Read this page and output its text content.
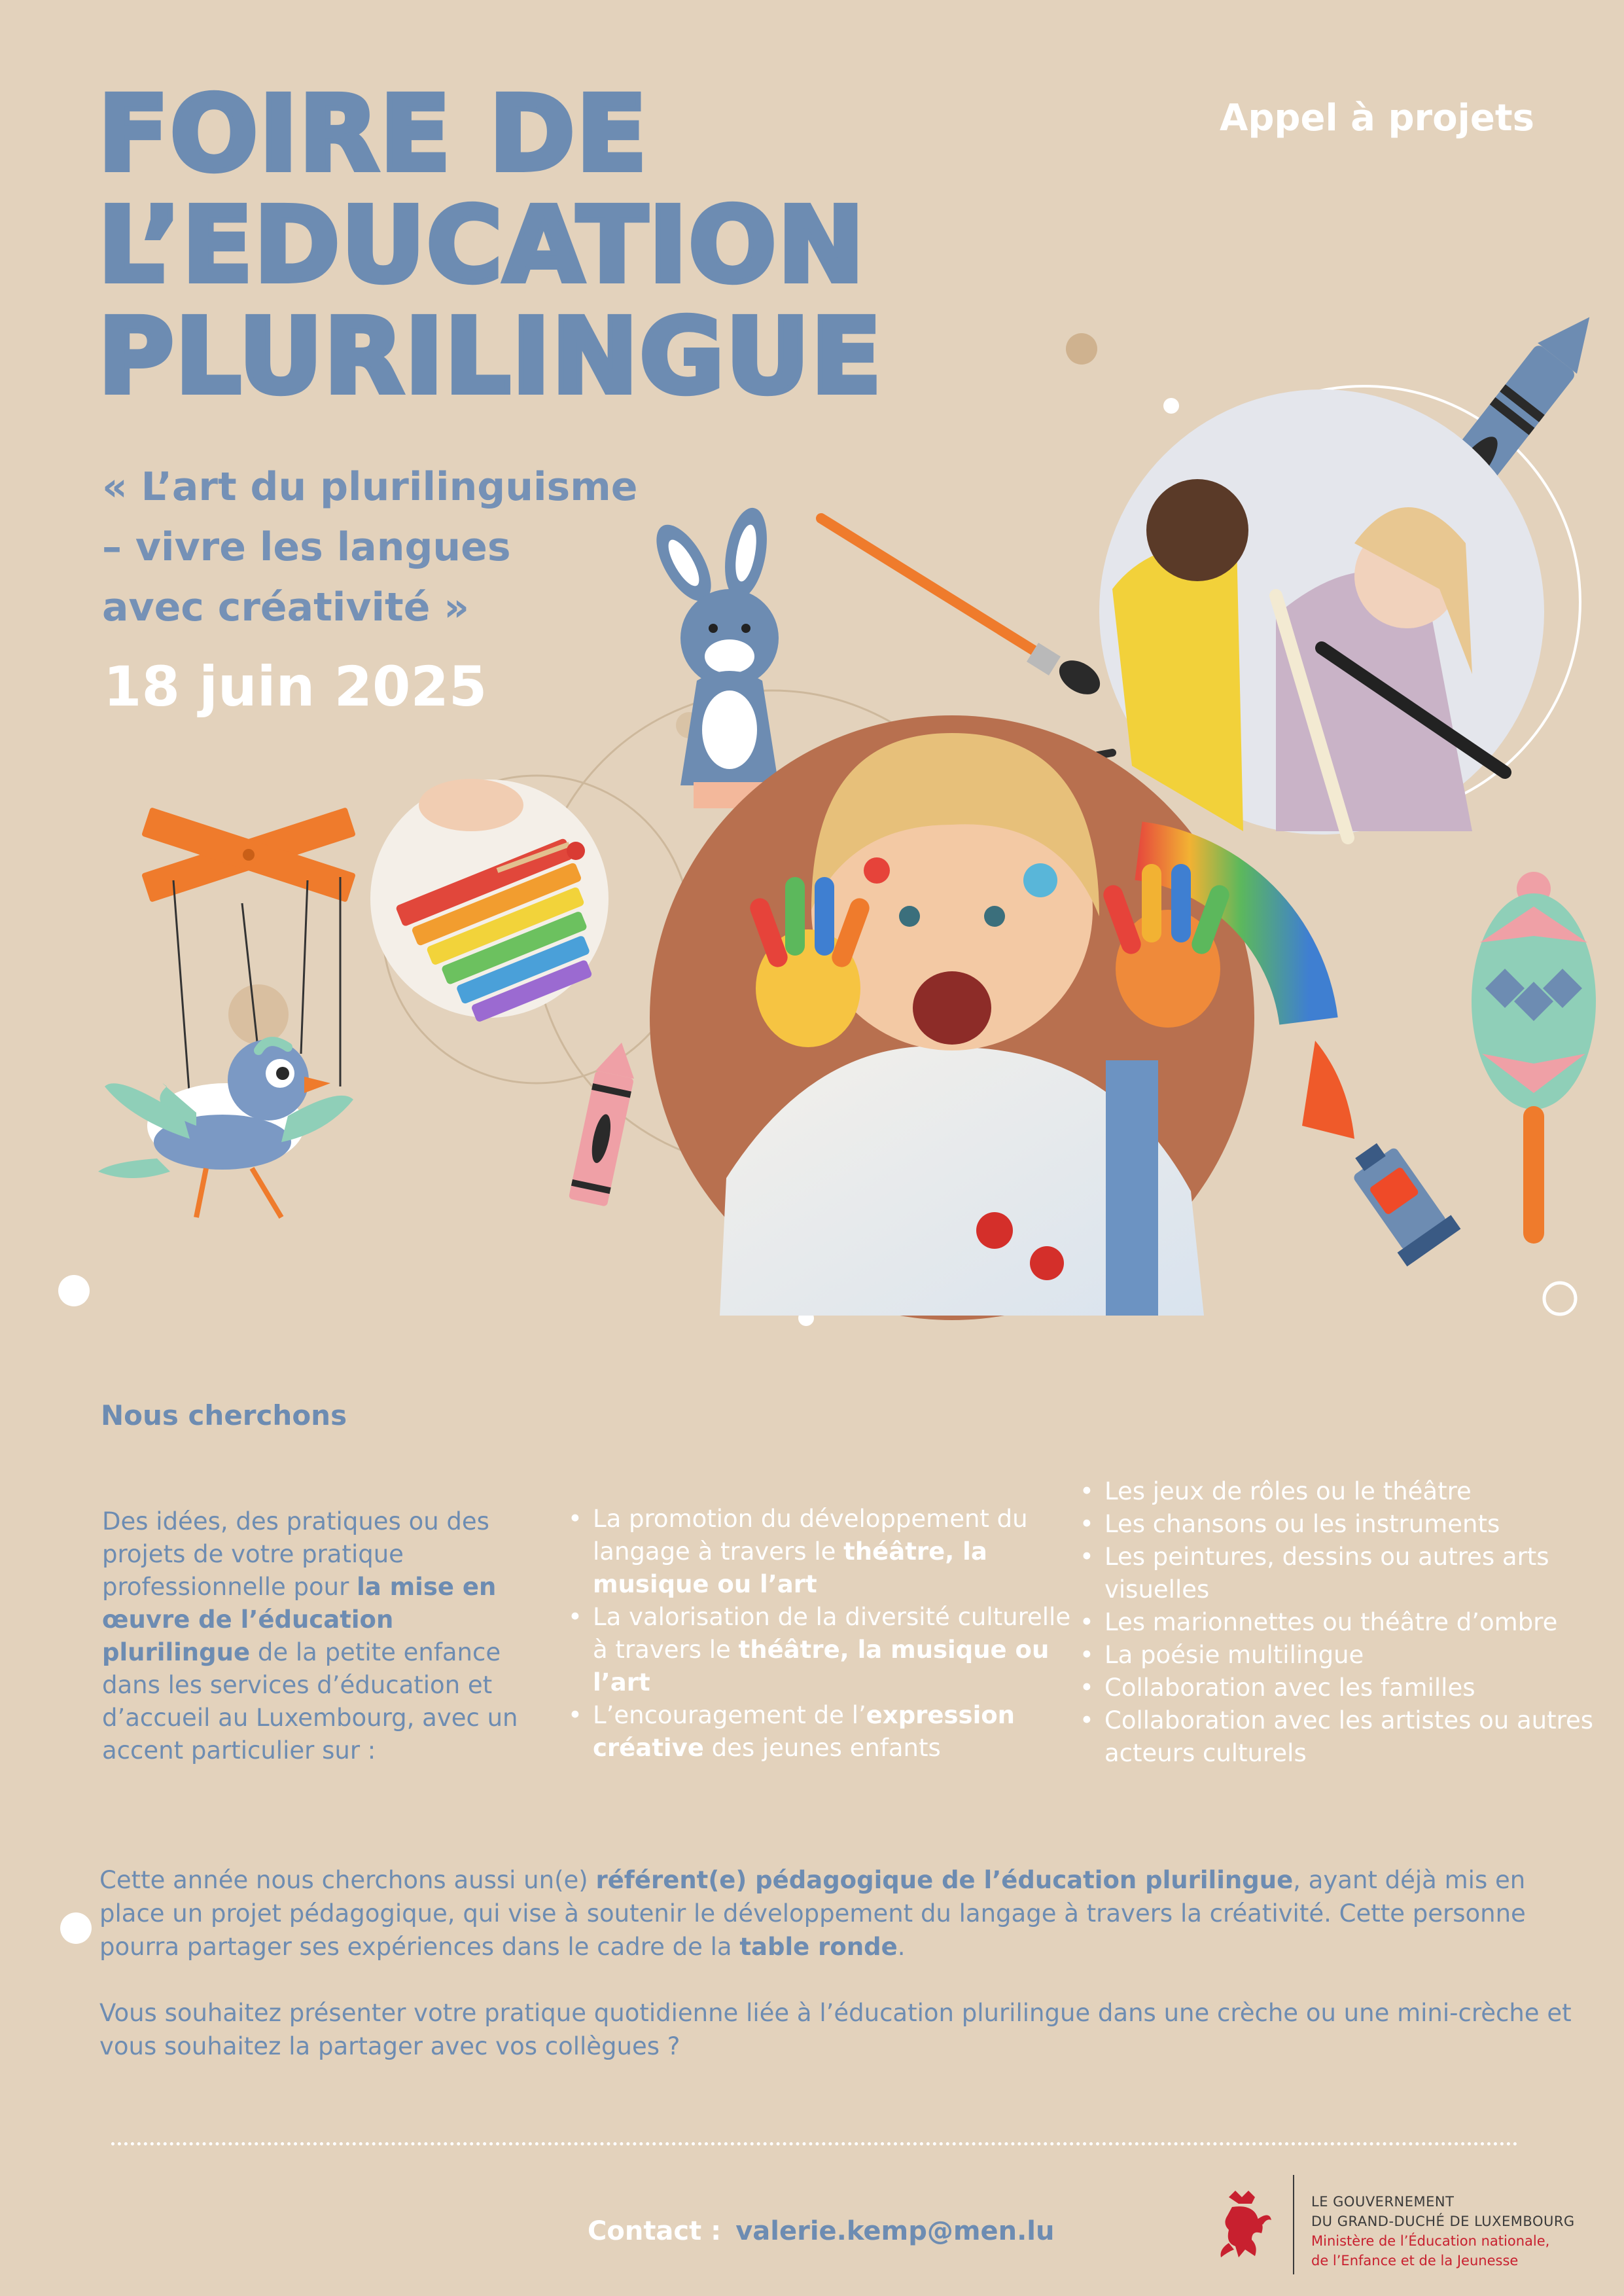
FOIRE DE
L’EDUCATION
PLURILINGUE
Appel à projets
« L’art du plurilinguisme
– vivre les langues
avec créativité »
18 juin 2025
Nous cherchons

Des idées, des pratiques ou des projets de votre pratique professionnelle pour la mise en œuvre de l’éducation plurilingue de la petite enfance dans les services d’éducation et d’accueil au Luxembourg, avec un accent particulier sur :

• La promotion du développement du langage à travers le théâtre, la musique ou l’art
• La valorisation de la diversité culturelle à travers le théâtre, la musique ou l’art
• L’encouragement de l’expression créative des jeunes enfants
• Les jeux de rôles ou le théâtre
• Les chansons ou les instruments
• Les peintures, dessins ou autres arts visuelles
• Les marionnettes ou théâtre d’ombre
• La poésie multilingue
• Collaboration avec les familles
• Collaboration avec les artistes ou autres acteurs culturels

Cette année nous cherchons aussi un(e) référent(e) pédagogique de l’éducation plurilingue, ayant déjà mis en place un projet pédagogique, qui vise à soutenir le développement du langage à travers la créativité. Cette personne pourra partager ses expériences dans le cadre de la table ronde.

Vous souhaitez présenter votre pratique quotidienne liée à l’éducation plurilingue dans une crèche ou une mini-crèche et vous souhaitez la partager avec vos collègues ?

Contact : valerie.kemp@men.lu
LE GOUVERNEMENT
DU GRAND-DUCHÉ DE LUXEMBOURG
Ministère de l’Éducation nationale,
de l’Enfance et de la Jeunesse
